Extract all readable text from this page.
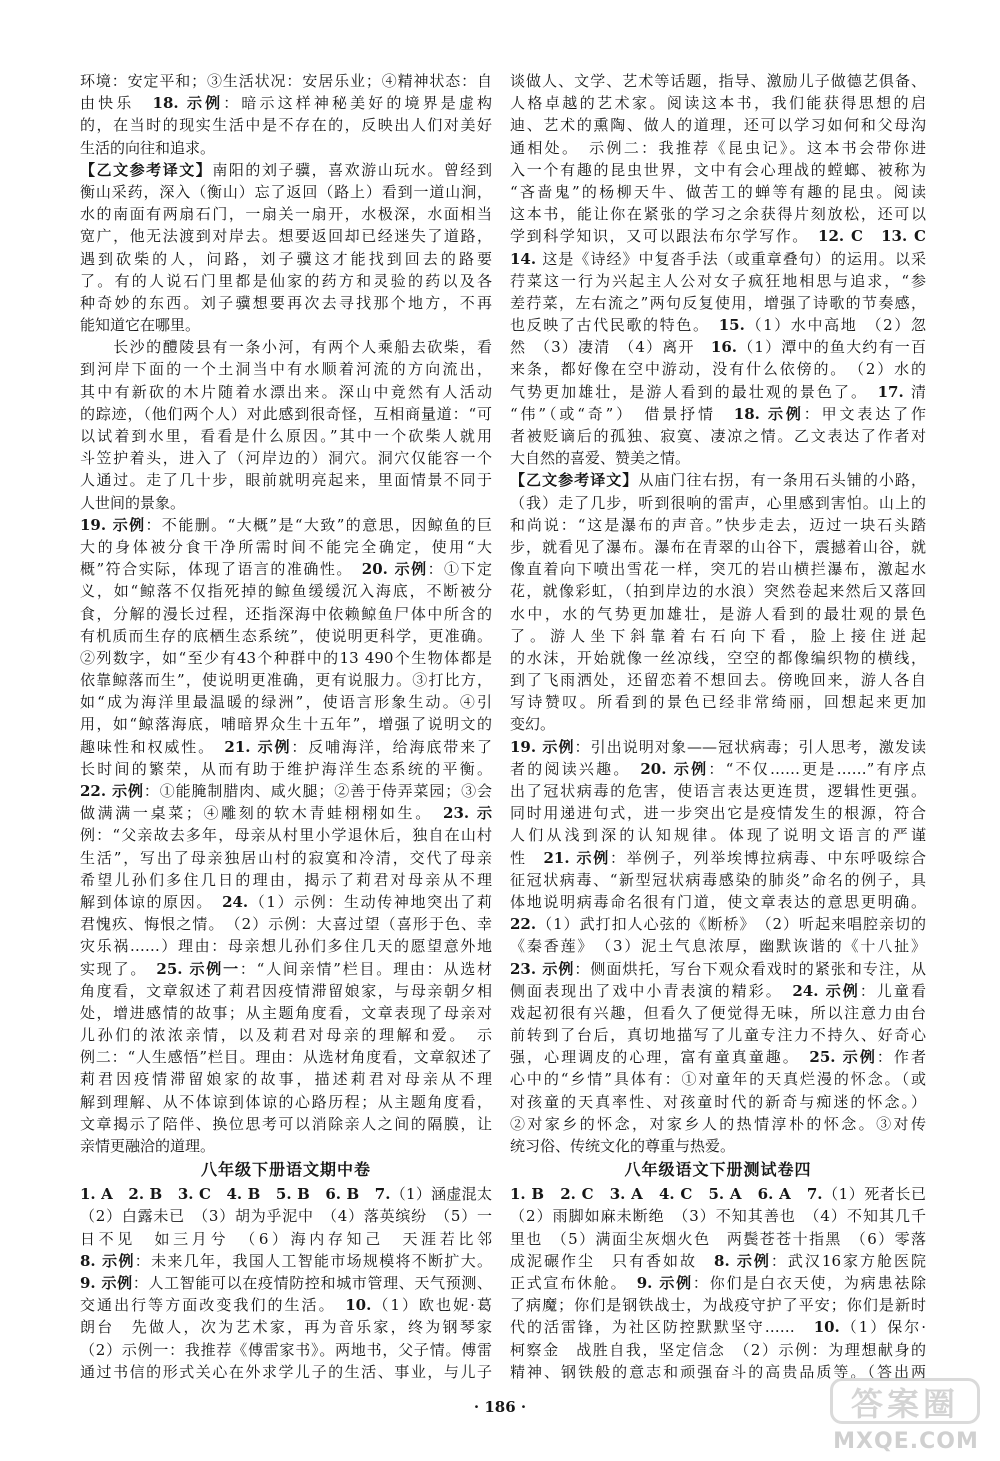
环境：安定平和；③生活状况：安居乐业；④精神状态：自
由快乐　18. 示例：暗示这样神秘美好的境界是虚构
的，在当时的现实生活中是不存在的，反映出人们对美好
生活的向往和追求。
【乙文参考译文】南阳的刘子骥，喜欢游山玩水。曾经到
衡山采药，深入（衡山）忘了返回（路上）看到一道山涧，
水的南面有两扇石门，一扇关一扇开，水极深，水面相当
宽广，他无法渡到对岸去。想要返回却已经迷失了道路，
遇到砍柴的人，问路，刘子骥这才能找到回去的路要
了。有的人说石门里都是仙家的药方和灵验的药以及各
种奇妙的东西。刘子骥想要再次去寻找那个地方，不再
能知道它在哪里。
　　长沙的醴陵县有一条小河，有两个人乘船去砍柴，看
到河岸下面的一个土洞当中有水顺着河流的方向流出，
其中有新砍的木片随着水漂出来。深山中竟然有人活动
的踪迹，（他们两个人）对此感到很奇怪，互相商量道：“可
以试着到水里，看看是什么原因。”其中一个砍柴人就用
斗笠护着头，进入了（河岸边的）洞穴。洞穴仅能容一个
人通过。走了几十步，眼前就明亮起来，里面情景不同于
人世间的景象。
19. 示例：不能删。“大概”是“大致”的意思，因鲸鱼的巨
大的身体被分食干净所需时间不能完全确定，使用“大
概”符合实际，体现了语言的准确性。　20. 示例：①下定
义，如“鲸落不仅指死掉的鲸鱼缓缓沉入海底，不断被分
食，分解的漫长过程，还指深海中依赖鲸鱼尸体中所含的
有机质而生存的底栖生态系统”，使说明更科学，更准确。
②列数字，如“至少有43个种群中的13 490个生物体都是
依靠鲸落而生”，使说明更准确，更有说服力。③打比方，
如“成为海洋里最温暖的绿洲”，使语言形象生动。④引
用，如“鲸落海底，哺暗界众生十五年”，增强了说明文的
趣味性和权威性。　21. 示例：反哺海洋，给海底带来了
长时间的繁荣，从而有助于维护海洋生态系统的平衡。
22. 示例：①能腌制腊肉、咸火腿；②善于侍弄菜园；③会
做满满一桌菜；④雕刻的软木青蛙栩栩如生。　23. 示
例：“父亲故去多年，母亲从村里小学退休后，独自在山村
生活”，写出了母亲独居山村的寂寞和冷清，交代了母亲
希望儿孙们多住几日的理由，揭示了莉君对母亲从不理
解到体谅的原因。　24.（1）示例：生动传神地突出了莉
君愧疚、悔恨之情。　（2）示例：大喜过望（喜形于色、幸
灾乐祸……）理由：母亲想儿孙们多住几天的愿望意外地
实现了。　25. 示例一：“人间亲情”栏目。理由：从选材
角度看，文章叙述了莉君因疫情滞留娘家，与母亲朝夕相
处，增进感情的故事；从主题角度看，文章表现了母亲对
儿孙们的浓浓亲情，以及莉君对母亲的理解和爱。　示
例二：“人生感悟”栏目。理由：从选材角度看，文章叙述了
莉君因疫情滞留娘家的故事，描述莉君对母亲从不理
解到理解、从不体谅到体谅的心路历程；从主题角度看，
文章揭示了陪伴、换位思考可以消除亲人之间的隔膜，让
亲情更融洽的道理。
八年级下册语文期中卷
1. A　 2. B　 3. C　 4. B　 5. B　 6. B　 7.（1）涵虚混太
（2）白露未已　（3）胡为乎泥中　（4）落英缤纷　（5）一
日不见　如三月兮　（6）海内存知己　天涯若比邻
8. 示例：未来几年，我国人工智能市场规模将不断扩大。
9. 示例：人工智能可以在疫情防控和城市管理、天气预测、
交通出行等方面改变我们的生活。　10.（1）欧也妮·葛
朗台　先做人，次为艺术家，再为音乐家，终为钢琴家
（2）示例一：我推荐《傅雷家书》。两地书，父子情。傅雷
通过书信的形式关心在外求学儿子的生活、事业，与儿子
谈做人、文学、艺术等话题，指导、激励儿子做德艺俱备、
人格卓越的艺术家。阅读这本书，我们能获得思想的启
迪、艺术的熏陶、做人的道理，还可以学习如何和父母沟
通相处。　示例二：我推荐《昆虫记》。这本书会带你进
入一个有趣的昆虫世界，文中有会心理战的螳螂、被称为
“吝啬鬼”的杨柳天牛、做苦工的蝉等有趣的昆虫。阅读
这本书，能让你在紧张的学习之余获得片刻放松，还可以
学到科学知识，又可以跟法布尔学写作。　12. C　 13. C
14. 这是《诗经》中复沓手法（或重章叠句）的运用。以采
荇菜这一行为兴起主人公对女子疯狂地相思与追求，“参
差荇菜，左右流之”两句反复使用，增强了诗歌的节奏感，
也反映了古代民歌的特色。　15.（1）水中高地　（2）忽
然　（3）凄清　（4）离开　16.（1）潭中的鱼大约有一百
来条，都好像在空中游动，没有什么依傍的。　（2）水的
气势更加雄壮，是游人看到的最壮观的景色了。　17. 清
“伟”（或“奇”）　借景抒情　18. 示例：甲文表达了作
者被贬谪后的孤独、寂寞、凄凉之情。乙文表达了作者对
大自然的喜爱、赞美之情。
【乙文参考译文】从庙门往右拐，有一条用石头铺的小路，
（我）走了几步，听到很响的雷声，心里感到害怕。山上的
和尚说：“这是瀑布的声音。”快步走去，迈过一块石头踏
步，就看见了瀑布。瀑布在青翠的山谷下，震撼着山谷，就
像直着向下喷出雪花一样，突兀的岩山横拦瀑布，激起水
花，就像彩虹，（拍到岸边的水浪）突然卷起来然后又落回
水中，水的气势更加雄壮，是游人看到的最壮观的景色
了。游人坐下斜靠着右石向下看，脸上接住迸起
的水沫，开始就像一丝凉线，空空的都像编织物的横线，
到了飞雨洒处，还留恋着不想回去。傍晚回来，游人各自
写诗赞叹。所看到的景色已经非常绮丽，回想起来更加
变幻。
19. 示例：引出说明对象——冠状病毒；引人思考，激发读
者的阅读兴趣。　20. 示例：“不仅……更是……”有序点
出了冠状病毒的危害，使语言表达更连贯，逻辑性更强。
同时用递进句式，进一步突出它是疫情发生的根源，符合
人们从浅到深的认知规律。体现了说明文语言的严谨
性　21. 示例：举例子，列举埃博拉病毒、中东呼吸综合
征冠状病毒、“新型冠状病毒感染的肺炎”命名的例子，具
体地说明病毒命名很有门道，使文章表达的意思更明确。
22.（1）武打扣人心弦的《断桥》　（2）听起来唱腔亲切的
《秦香莲》　（3）泥土气息浓厚，幽默诙谐的《十八扯》
23. 示例：侧面烘托，写台下观众看戏时的紧张和专注，从
侧面表现出了戏中小青表演的精彩。　24. 示例：儿童看
戏起初很有兴趣，但看久了便觉得无味，所以注意力由台
前转到了台后，真切地描写了儿童专注力不持久、好奇心
强，心理调皮的心理，富有童真童趣。　25. 示例：作者
心中的“乡情”具体有：①对童年的天真烂漫的怀念。（或
对孩童的天真率性、对孩童时代的新奇与痴迷的怀念。）
②对家乡的怀念，对家乡人的热情淳朴的怀念。③对传
统习俗、传统文化的尊重与热爱。
八年级语文下册测试卷四
1. B　 2. C　 3. A　 4. C　 5. A　 6. A　 7.（1）死者长已
（2）雨脚如麻未断绝　（3）不知其善也　（4）不知其几千
里也　（5）满面尘灰烟火色　两鬓苍苍十指黑　（6）零落
成泥碾作尘　只有香如故　8. 示例：武汉16家方舱医院
正式宣布休舱。　9. 示例：你们是白衣天使，为病患祛除
了病魔；你们是钢铁战士，为战疫守护了平安；你们是新时
代的活雷锋，为社区防控默默坚守……　10.（1）保尔·
柯察金　战胜自我，坚定信念　（2）示例：为理想献身的
精神、钢铁般的意志和顽强奋斗的高贵品质等。（答出两
· 186 ·	答案圈
MXQE.COM
